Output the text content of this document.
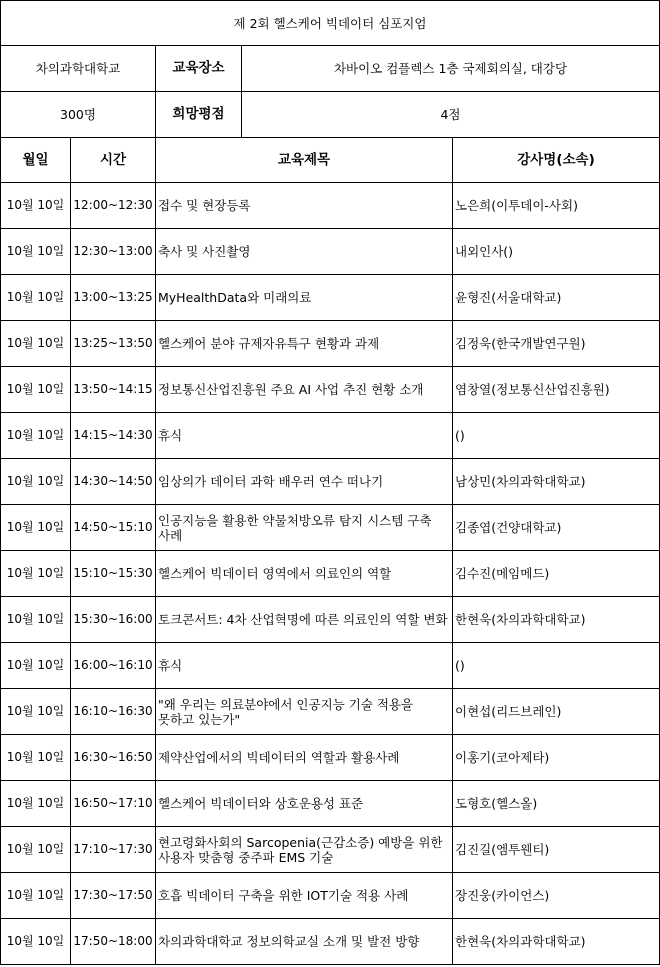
제 2회 헬스케어 빅데이터 심포지엄				
차의과학대학교		교육장소	차바이오 컴플렉스 1층 국제회의실, 대강당	
300명		희망평점	4점	
월일	시간	교육제목		강사명(소속)
10월 10일	12:00~12:30	접수 및 현장등록		노은희(이투데이-사회)
10월 10일	12:30~13:00	축사 및 사진촬영		내외인사()
10월 10일	13:00~13:25	MyHealthData와 미래의료		윤형진(서울대학교)
10월 10일	13:25~13:50	헬스케어 분야 규제자유특구 현황과 과제		김정욱(한국개발연구원)
10월 10일	13:50~14:15	정보통신산업진흥원 주요 AI 사업 추진 현황 소개		염창열(정보통신산업진흥원)
10월 10일	14:15~14:30	휴식		()
10월 10일	14:30~14:50	임상의가 데이터 과학 배우러 연수 떠나기		남상민(차의과학대학교)
10월 10일	14:50~15:10	인공지능을 활용한 약물처방오류 탐지 시스템 구축 사례		김종엽(건양대학교)
10월 10일	15:10~15:30	헬스케어 빅데이터 영역에서 의료인의 역할		김수진(메임메드)
10월 10일	15:30~16:00	토크콘서트: 4차 산업혁명에 따른 의료인의 역할 변화		한현욱(차의과학대학교)
10월 10일	16:00~16:10	휴식		()
10월 10일	16:10~16:30	"왜 우리는 의료분야에서 인공지능 기술 적용을 못하고 있는가"		이현섭(리드브레인)
10월 10일	16:30~16:50	제약산업에서의 빅데이터의 역할과 활용사례		이홍기(코아제타)
10월 10일	16:50~17:10	헬스케어 빅데이터와 상호운용성 표준		도형호(헬스올)
10월 10일	17:10~17:30	현고령화사회의 Sarcopenia(근감소증) 예방을 위한 사용자 맞춤형 중주파 EMS 기술		김진길(엠투웬티)
10월 10일	17:30~17:50	호흡 빅데이터 구축을 위한 IOT기술 적용 사례		장진웅(카이언스)
10월 10일	17:50~18:00	차의과학대학교 정보의학교실 소개 및 발전 방향		한현욱(차의과학대학교)
